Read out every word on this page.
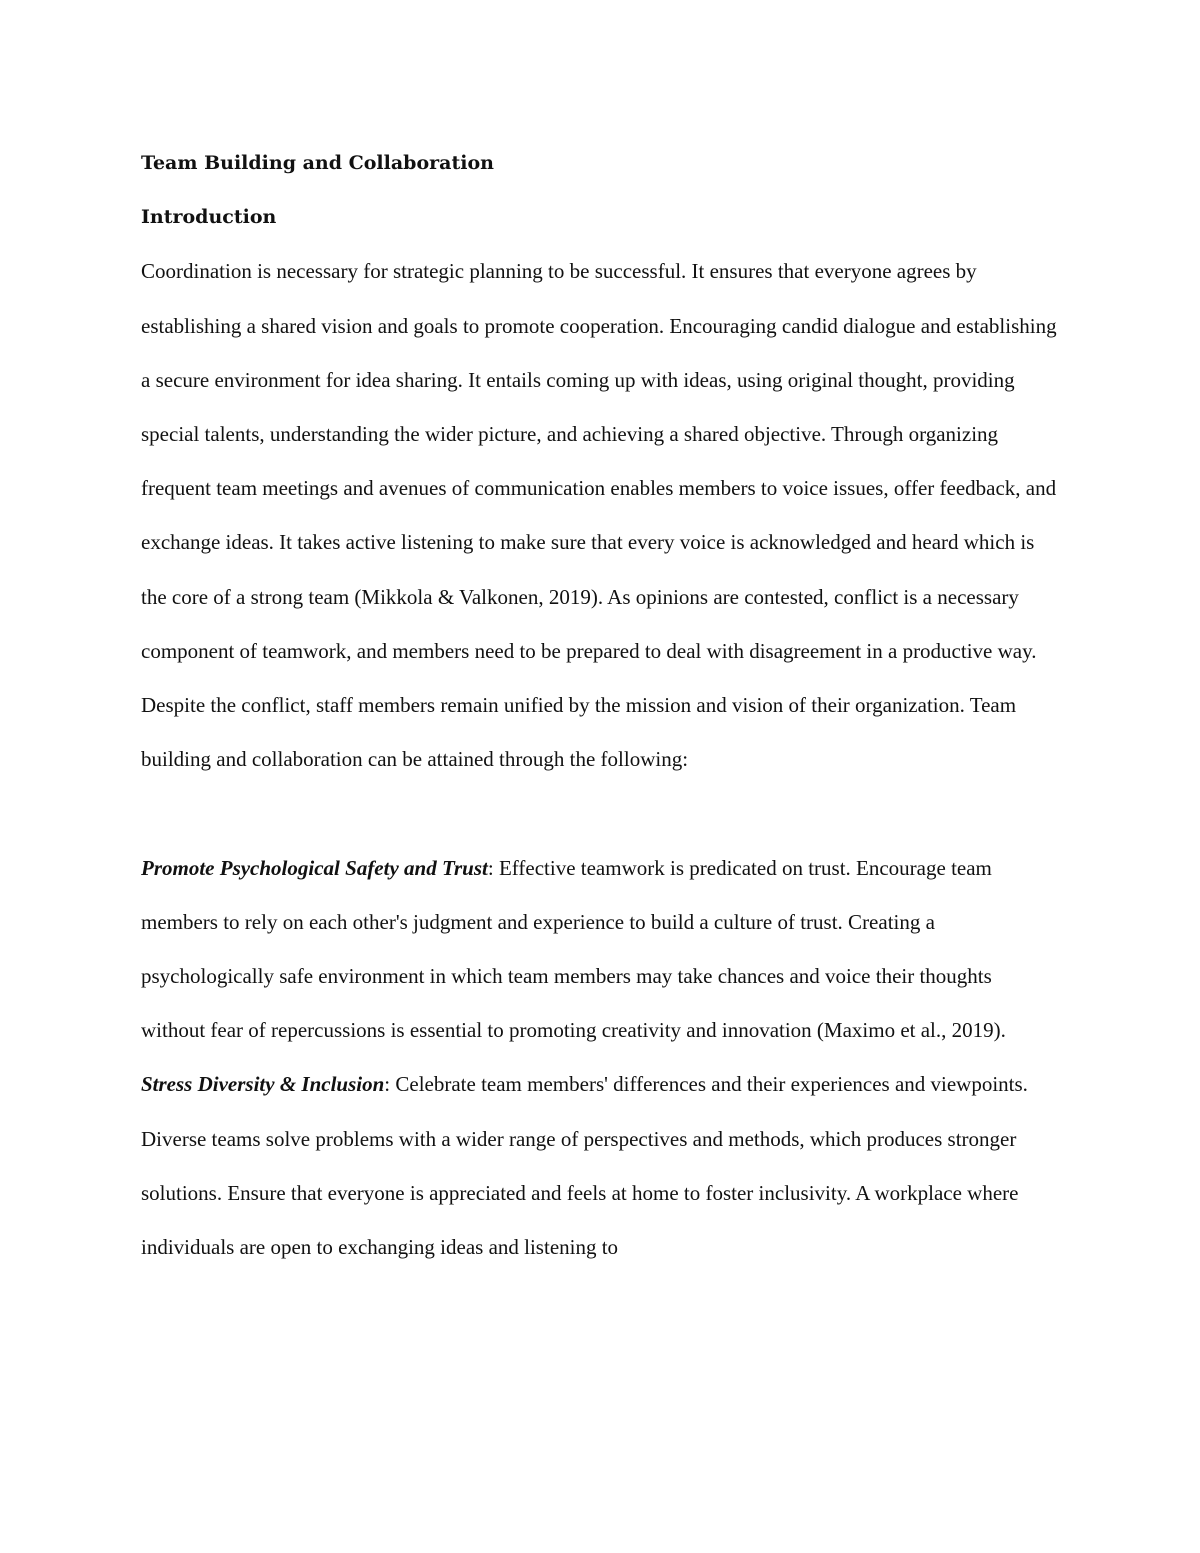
Team Building and Collaboration
Introduction

Coordination is necessary for strategic planning to be successful. It ensures that everyone agrees by establishing a shared vision and goals to promote cooperation. Encouraging candid dialogue and establishing a secure environment for idea sharing. It entails coming up with ideas, using original thought, providing special talents, understanding the wider picture, and achieving a shared objective. Through organizing frequent team meetings and avenues of communication enables members to voice issues, offer feedback, and exchange ideas. It takes active listening to make sure that every voice is acknowledged and heard which is the core of a strong team (Mikkola & Valkonen, 2019). As opinions are contested, conflict is a necessary component of teamwork, and members need to be prepared to deal with disagreement in a productive way. Despite the conflict, staff members remain unified by the mission and vision of their organization. Team building and collaboration can be attained through the following:

Promote Psychological Safety and Trust: Effective teamwork is predicated on trust. Encourage team members to rely on each other's judgment and experience to build a culture of trust. Creating a psychologically safe environment in which team members may take chances and voice their thoughts without fear of repercussions is essential to promoting creativity and innovation (Maximo et al., 2019).

Stress Diversity & Inclusion: Celebrate team members' differences and their experiences and viewpoints. Diverse teams solve problems with a wider range of perspectives and methods, which produces stronger solutions. Ensure that everyone is appreciated and feels at home to foster inclusivity. A workplace where individuals are open to exchanging ideas and listening to
